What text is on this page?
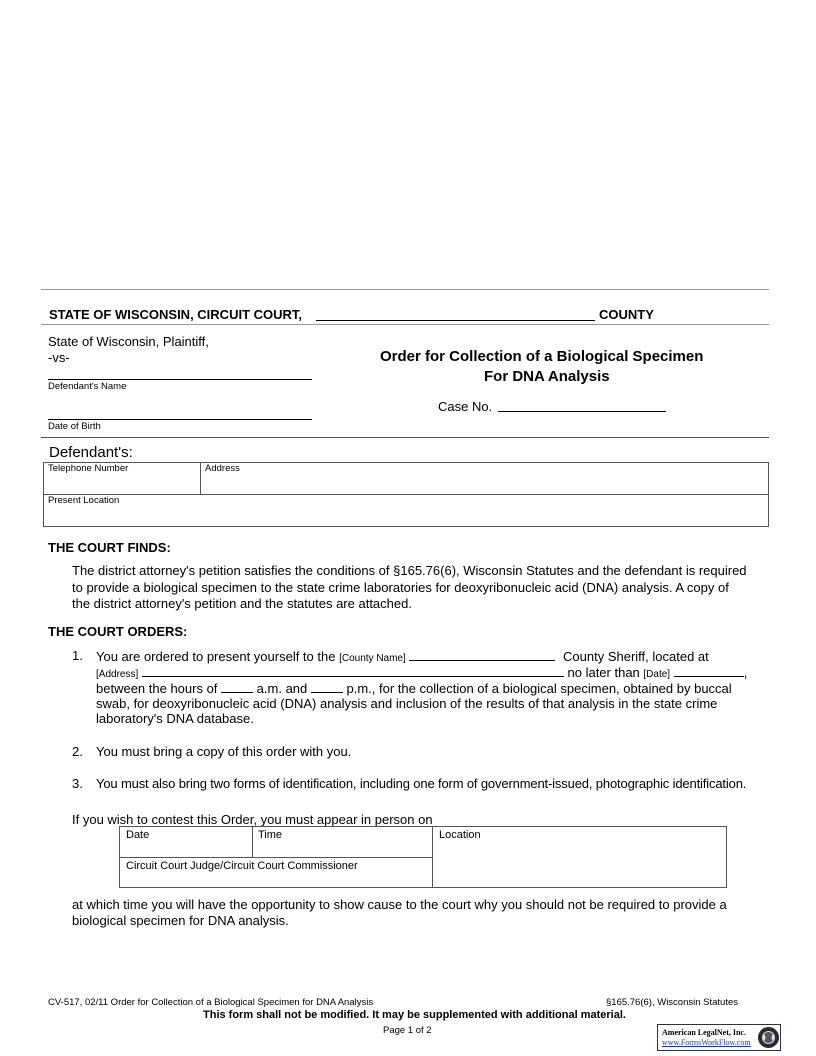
STATE OF WISCONSIN, CIRCUIT COURT,	COUNTY
State of Wisconsin, Plaintiff,
-vs-
Defendant's Name
Date of Birth
Order for Collection of a Biological Specimen
For DNA Analysis
Case No.
Defendant's:
Telephone Number	Address
Present Location
THE COURT FINDS:
The district attorney's petition satisfies the conditions of §165.76(6), Wisconsin Statutes and the defendant is required
to provide a biological specimen to the state crime laboratories for deoxyribonucleic acid (DNA) analysis. A copy of
the district attorney's petition and the statutes are attached.
THE COURT ORDERS:
1. You are ordered to present yourself to the [County Name]	County Sheriff, located at
[Address]	no later than [Date]	,
between the hours of	a.m. and	p.m., for the collection of a biological specimen, obtained by buccal
swab, for deoxyribonucleic acid (DNA) analysis and inclusion of the results of that analysis in the state crime
laboratory's DNA database.
2. You must bring a copy of this order with you.
3. You must also bring two forms of identification, including one form of government-issued, photographic identification.
If you wish to contest this Order, you must appear in person on
Date	Time	Location
Circuit Court Judge/Circuit Court Commissioner
at which time you will have the opportunity to show cause to the court why you should not be required to provide a
biological specimen for DNA analysis.
CV-517, 02/11 Order for Collection of a Biological Specimen for DNA Analysis	§165.76(6), Wisconsin Statutes
This form shall not be modified. It may be supplemented with additional material.
Page 1 of 2	American LegalNet, Inc.
www.FormsWorkFlow.com
